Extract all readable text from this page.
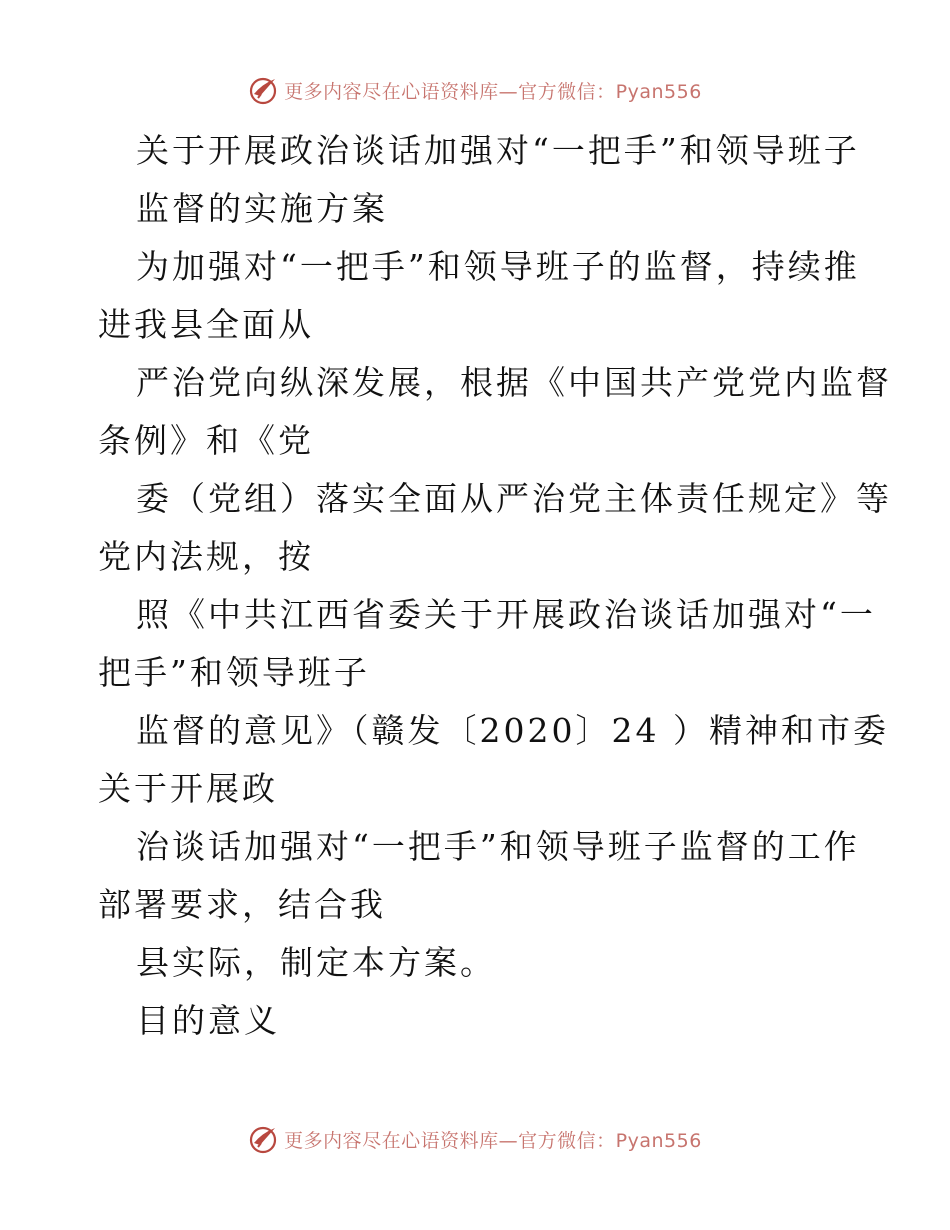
更多内容尽在心语资料库—官方微信：Pyan556
关于开展政治谈话加强对“一把手”和领导班子
监督的实施方案
为加强对“一把手”和领导班子的监督，持续推
进我县全面从
严治党向纵深发展，根据《中国共产党党内监督
条例》和《党
委（党组）落实全面从严治党主体责任规定》等
党内法规，按
照《中共江西省委关于开展政治谈话加强对“一
把手”和领导班子
监督的意见》（赣发〔2020〕24 ）精神和市委
关于开展政
治谈话加强对“一把手”和领导班子监督的工作
部署要求，结合我
县实际，制定本方案。
目的意义
更多内容尽在心语资料库—官方微信：Pyan556
